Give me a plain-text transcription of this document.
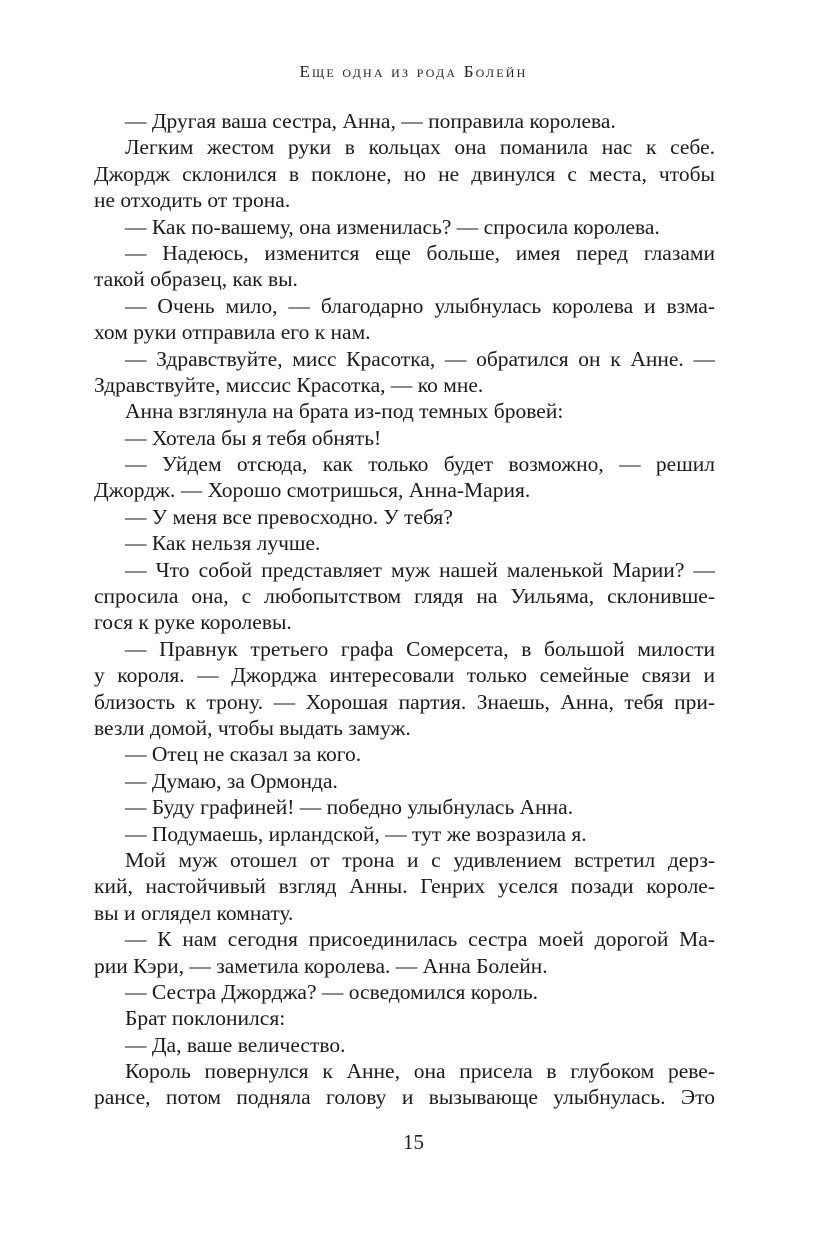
Еще одна из рода Болейн
— Другая ваша сестра, Анна, — поправила королева.
Легким жестом руки в кольцах она поманила нас к себе.
Джордж склонился в поклоне, но не двинулся с места, чтобы
не отходить от трона.
— Как по-вашему, она изменилась? — спросила королева.
— Надеюсь, изменится еще больше, имея перед глазами
такой образец, как вы.
— Очень мило, — благодарно улыбнулась королева и взма-
хом руки отправила его к нам.
— Здравствуйте, мисс Красотка, — обратился он к Анне. —
Здравствуйте, миссис Красотка, — ко мне.
Анна взглянула на брата из-под темных бровей:
— Хотела бы я тебя обнять!
— Уйдем отсюда, как только будет возможно, — решил
Джордж. — Хорошо смотришься, Анна-Мария.
— У меня все превосходно. У тебя?
— Как нельзя лучше.
— Что собой представляет муж нашей маленькой Марии? —
спросила она, с любопытством глядя на Уильяма, склонивше-
гося к руке королевы.
— Правнук третьего графа Сомерсета, в большой милости
у короля. — Джорджа интересовали только семейные связи и
близость к трону. — Хорошая партия. Знаешь, Анна, тебя при-
везли домой, чтобы выдать замуж.
— Отец не сказал за кого.
— Думаю, за Ормонда.
— Буду графиней! — победно улыбнулась Анна.
— Подумаешь, ирландской, — тут же возразила я.
Мой муж отошел от трона и с удивлением встретил дерз-
кий, настойчивый взгляд Анны. Генрих уселся позади короле-
вы и оглядел комнату.
— К нам сегодня присоединилась сестра моей дорогой Ма-
рии Кэри, — заметила королева. — Анна Болейн.
— Сестра Джорджа? — осведомился король.
Брат поклонился:
— Да, ваше величество.
Король повернулся к Анне, она присела в глубоком рeве-
рансе, потом подняла голову и вызывающе улыбнулась. Это
15
